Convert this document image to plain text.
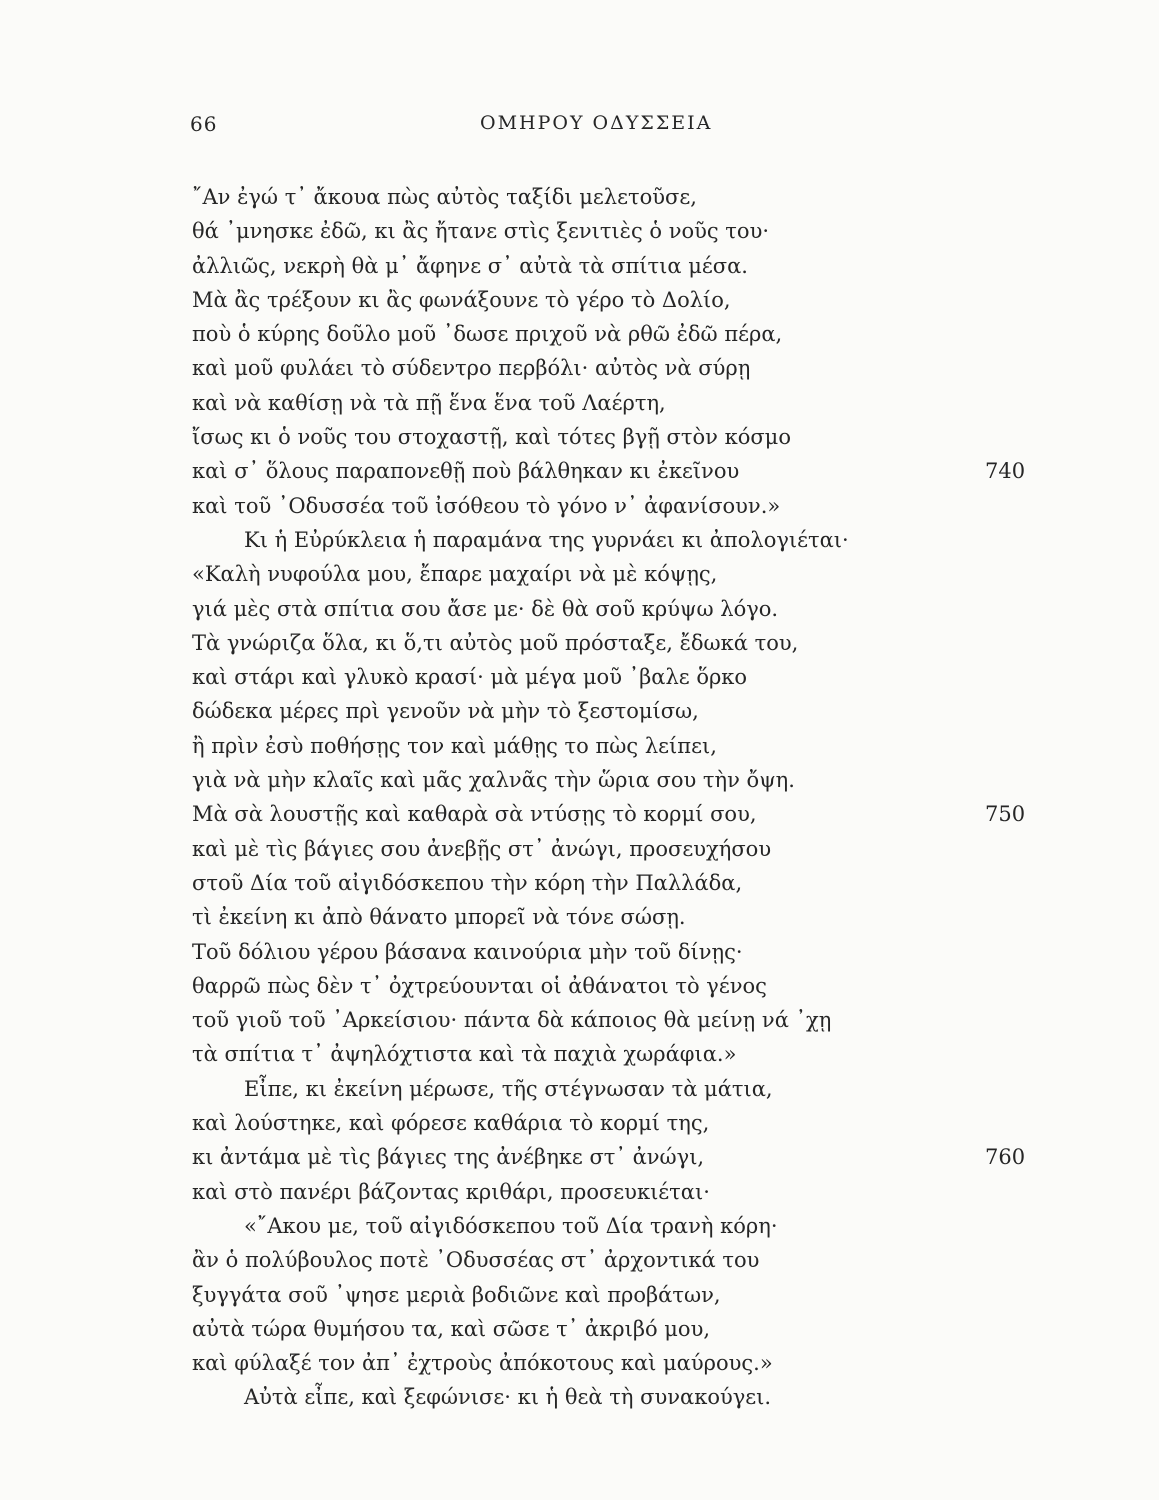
66	ΟΜΗΡΟΥ ΟΔΥΣΣΕΙΑ
῎Αν ἐγώ τ᾿ ἄκουα πὼς αὐτὸς ταξίδι μελετοῦσε,
θά ᾿μνησκε ἐδῶ, κι ἂς ἤτανε στὶς ξενιτιὲς ὁ νοῦς του·
ἀλλιῶς, νεκρὴ θὰ μ᾿ ἄφηνε σ᾿ αὐτὰ τὰ σπίτια μέσα.
Μὰ ἂς τρέξουν κι ἂς φωνάξουνε τὸ γέρο τὸ Δολίο,
ποὺ ὁ κύρης δοῦλο μοῦ ᾿δωσε πριχοῦ νὰ ρθῶ ἐδῶ πέρα,
καὶ μοῦ φυλάει τὸ σύδεντρο περβόλι· αὐτὸς νὰ σύρῃ
καὶ νὰ καθίσῃ νὰ τὰ πῇ ἕνα ἕνα τοῦ Λαέρτη,
ἴσως κι ὁ νοῦς του στοχαστῇ, καὶ τότες βγῇ στὸν κόσμο
καὶ σ᾿ ὅλους παραπονεθῇ ποὺ βάλθηκαν κι ἐκεῖνου	740
καὶ τοῦ ᾿Οδυσσέα τοῦ ἰσόθεου τὸ γόνο ν᾿ ἀφανίσουν.»
Κι ἡ Εὐρύκλεια ἡ παραμάνα της γυρνάει κι ἀπολογιέται·
«Καλὴ νυφούλα μου, ἔπαρε μαχαίρι νὰ μὲ κόψῃς,
γιά μὲς στὰ σπίτια σου ἄσε με· δὲ θὰ σοῦ κρύψω λόγο.
Τὰ γνώριζα ὅλα, κι ὅ,τι αὐτὸς μοῦ πρόσταξε, ἔδωκά του,
καὶ στάρι καὶ γλυκὸ κρασί· μὰ μέγα μοῦ ᾿βαλε ὅρκο
δώδεκα μέρες πρὶ γενοῦν νὰ μὴν τὸ ξεστομίσω,
ἢ πρὶν ἐσὺ ποθήσῃς τον καὶ μάθῃς το πὼς λείπει,
γιὰ νὰ μὴν κλαῖς καὶ μᾶς χαλνᾶς τὴν ὥρια σου τὴν ὄψη.
Μὰ σὰ λουστῇς καὶ καθαρὰ σὰ ντύσῃς τὸ κορμί σου,	750
καὶ μὲ τὶς βάγιες σου ἀνεβῇς στ᾿ ἀνώγι, προσευχήσου
στοῦ Δία τοῦ αἰγιδόσκεπου τὴν κόρη τὴν Παλλάδα,
τὶ ἐκείνη κι ἀπὸ θάνατο μπορεῖ νὰ τόνε σώσῃ.
Τοῦ δόλιου γέρου βάσανα καινούρια μὴν τοῦ δίνῃς·
θαρρῶ πὼς δὲν τ᾿ ὀχτρεύουνται οἱ ἀθάνατοι τὸ γένος
τοῦ γιοῦ τοῦ ᾿Αρκείσιου· πάντα δὰ κάποιος θὰ μείνῃ νά ᾿χῃ
τὰ σπίτια τ᾿ ἀψηλόχτιστα καὶ τὰ παχιὰ χωράφια.»
Εἶπε, κι ἐκείνη μέρωσε, τῆς στέγνωσαν τὰ μάτια,
καὶ λούστηκε, καὶ φόρεσε καθάρια τὸ κορμί της,
κι ἀντάμα μὲ τὶς βάγιες της ἀνέβηκε στ᾿ ἀνώγι,	760
καὶ στὸ πανέρι βάζοντας κριθάρι, προσευκιέται·
«῎Ακου με, τοῦ αἰγιδόσκεπου τοῦ Δία τρανὴ κόρη·
ἂν ὁ πολύβουλος ποτὲ ᾿Οδυσσέας στ᾿ ἀρχοντικά του
ξυγγάτα σοῦ ᾿ψησε μεριὰ βοδιῶνε καὶ προβάτων,
αὐτὰ τώρα θυμήσου τα, καὶ σῶσε τ᾿ ἀκριβό μου,
καὶ φύλαξέ τον ἀπ᾿ ἐχτροὺς ἀπόκοτους καὶ μαύρους.»
Αὐτὰ εἶπε, καὶ ξεφώνισε· κι ἡ θεὰ τὴ συνακούγει.
